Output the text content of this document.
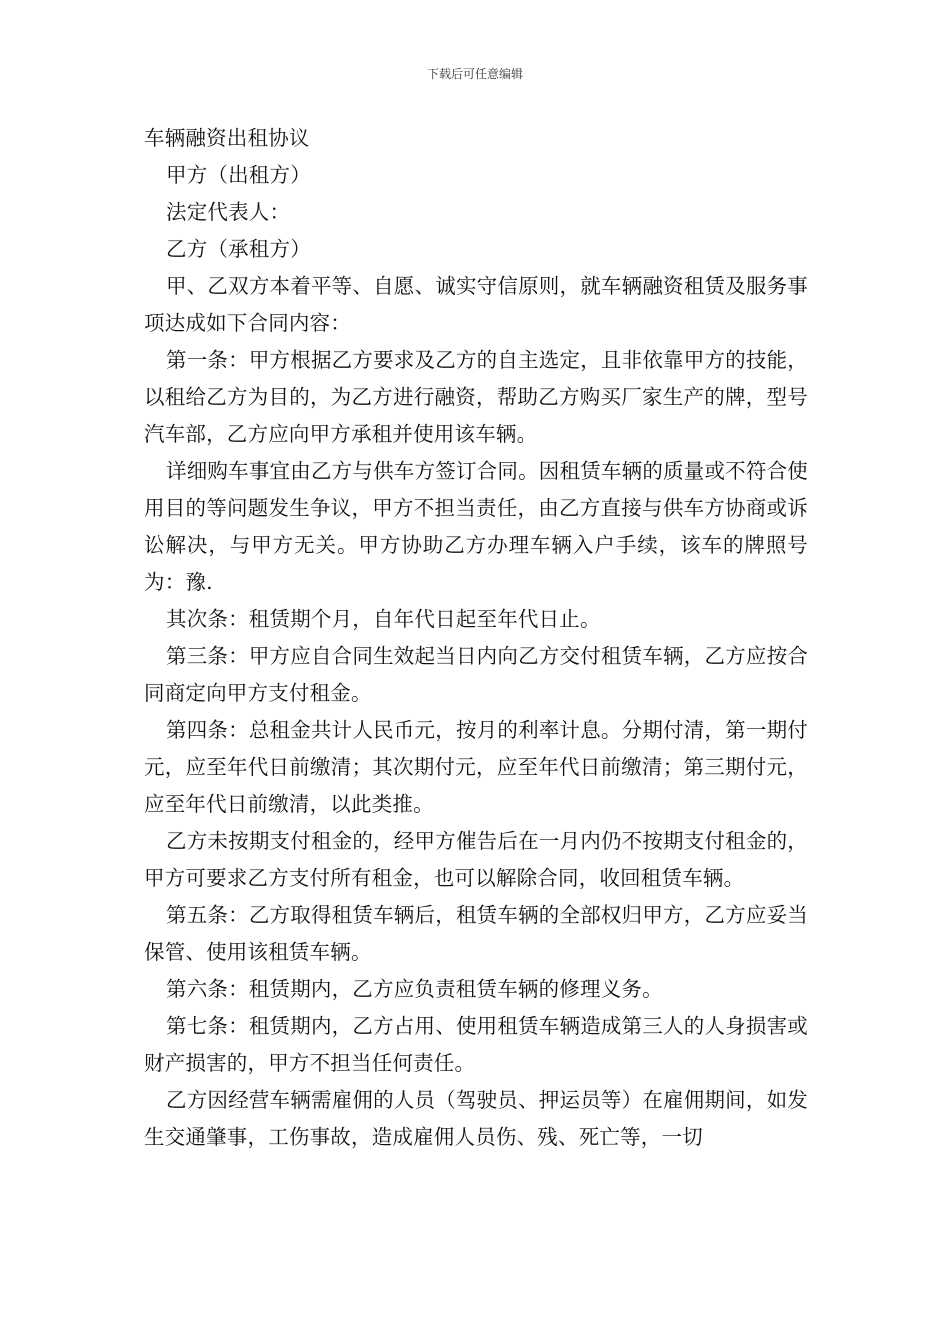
下载后可任意编辑

车辆融资出租协议

甲方（出租方）

法定代表人：

乙方（承租方）

甲、乙双方本着平等、自愿、诚实守信原则，就车辆融资租赁及服务事项达成如下合同内容：

第一条：甲方根据乙方要求及乙方的自主选定，且非依靠甲方的技能，以租给乙方为目的，为乙方进行融资，帮助乙方购买厂家生产的牌，型号汽车部，乙方应向甲方承租并使用该车辆。

详细购车事宜由乙方与供车方签订合同。因租赁车辆的质量或不符合使用目的等问题发生争议，甲方不担当责任，由乙方直接与供车方协商或诉讼解决，与甲方无关。甲方协助乙方办理车辆入户手续，该车的牌照号为：豫.

其次条：租赁期个月，自年代日起至年代日止。

第三条：甲方应自合同生效起当日内向乙方交付租赁车辆，乙方应按合同商定向甲方支付租金。

第四条：总租金共计人民币元，按月的利率计息。分期付清，第一期付元，应至年代日前缴清；其次期付元，应至年代日前缴清；第三期付元，应至年代日前缴清，以此类推。

乙方未按期支付租金的，经甲方催告后在一月内仍不按期支付租金的，甲方可要求乙方支付所有租金，也可以解除合同，收回租赁车辆。

第五条：乙方取得租赁车辆后，租赁车辆的全部权归甲方，乙方应妥当保管、使用该租赁车辆。

第六条：租赁期内，乙方应负责租赁车辆的修理义务。

第七条：租赁期内，乙方占用、使用租赁车辆造成第三人的人身损害或财产损害的，甲方不担当任何责任。

乙方因经营车辆需雇佣的人员（驾驶员、押运员等）在雇佣期间，如发生交通肇事，工伤事故，造成雇佣人员伤、残、死亡等，一切
